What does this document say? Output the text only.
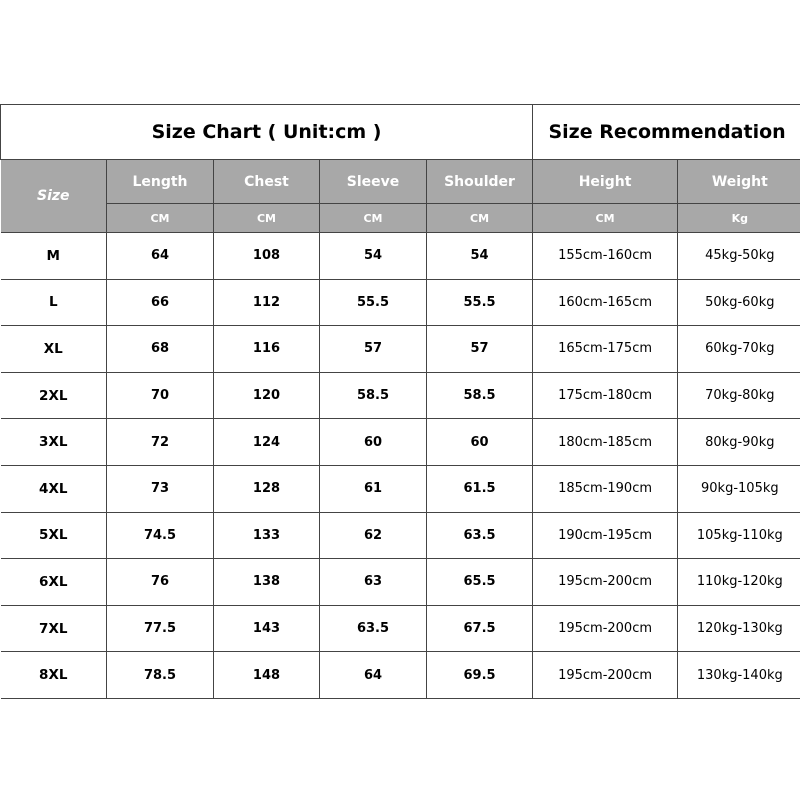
Size Chart ( Unit:cm )					Size Recommendation	
Size	Length	Chest	Sleeve	Shoulder	Height	Weight
	CM	CM	CM	CM	CM	Kg
M	64	108	54	54	155cm-160cm	45kg-50kg
L	66	112	55.5	55.5	160cm-165cm	50kg-60kg
XL	68	116	57	57	165cm-175cm	60kg-70kg
2XL	70	120	58.5	58.5	175cm-180cm	70kg-80kg
3XL	72	124	60	60	180cm-185cm	80kg-90kg
4XL	73	128	61	61.5	185cm-190cm	90kg-105kg
5XL	74.5	133	62	63.5	190cm-195cm	105kg-110kg
6XL	76	138	63	65.5	195cm-200cm	110kg-120kg
7XL	77.5	143	63.5	67.5	195cm-200cm	120kg-130kg
8XL	78.5	148	64	69.5	195cm-200cm	130kg-140kg
